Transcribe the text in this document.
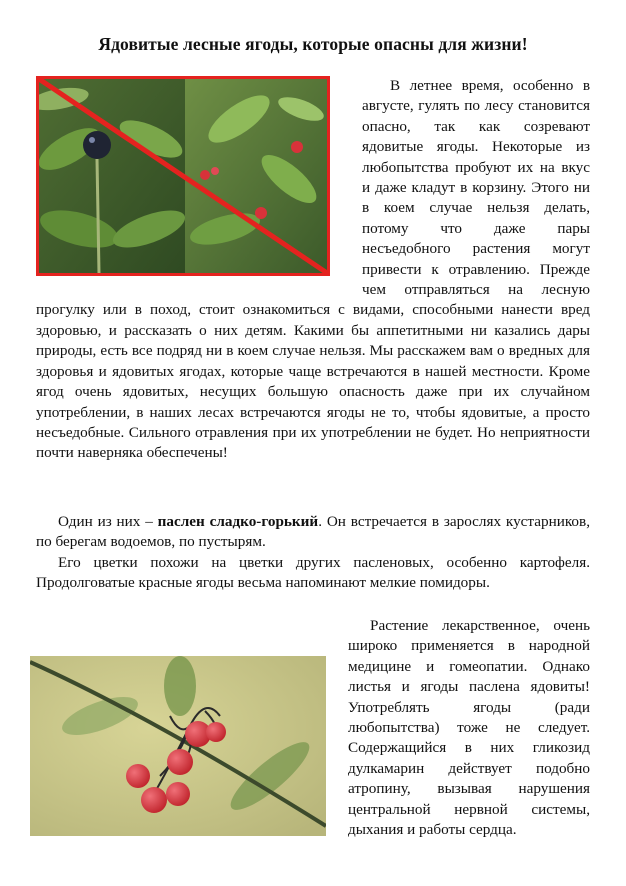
Ядовитые лесные ягоды, которые опасны для жизни!
В летнее время, особенно в августе, гулять по лесу становится опасно, так как созревают ядовитые ягоды. Некоторые из любопытства пробуют их на вкус и даже кладут в корзину. Этого ни в коем случае нельзя делать, потому что даже пары несъедобного растения могут привести к отравлению. Прежде чем отправляться на лесную прогулку или в поход, стоит ознакомиться с видами, способными нанести вред здоровью, и рассказать о них детям. Какими бы аппетитными ни казались дары природы, есть все подряд ни в коем случае нельзя. Мы расскажем вам о вредных для здоровья и ядовитых ягодах, которые чаще встречаются в нашей местности. Кроме ягод очень ядовитых, несущих большую опасность даже при их случайном употреблении, в наших лесах встречаются ягоды не то, чтобы ядовитые, а просто несъедобные. Сильного отравления при их употреблении не будет. Но неприятности почти наверняка обеспечены!

Один из них – паслен сладко-горький. Он встречается в зарослях кустарников, по берегам водоемов, по пустырям.

Его цветки похожи на цветки других пасленовых, особенно картофеля. Продолговатые красные ягоды весьма напоминают мелкие помидоры.

Растение лекарственное, очень широко применяется в народной медицине и гомеопатии. Однако листья и ягоды паслена ядовиты! Употреблять ягоды (ради любопытства) тоже не следует. Содержащийся в них гликозид дулкамарин действует подобно атропину, вызывая нарушения центральной нервной системы, дыхания и работы сердца.
